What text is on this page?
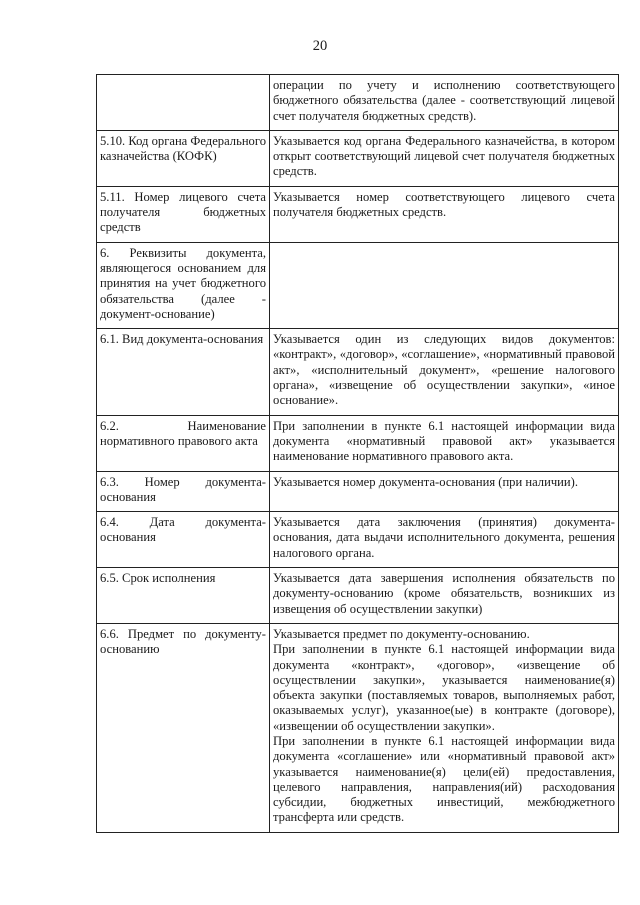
20

	операции по учету и исполнению соответствующего бюджетного обязательства (далее - соответствующий лицевой счет получателя бюджетных средств).

5.10. Код органа Федерального казначейства (КОФК)	Указывается код органа Федерального казначейства, в котором открыт соответствующий лицевой счет получателя бюджетных средств.

5.11. Номер лицевого счета получателя бюджетных средств	Указывается номер соответствующего лицевого счета получателя бюджетных средств.

6. Реквизиты документа, являющегося основанием для принятия на учет бюджетного обязательства (далее - документ-основание)	

6.1. Вид документа-основания	Указывается один из следующих видов документов: «контракт», «договор», «соглашение», «нормативный правовой акт», «исполнительный документ», «решение налогового органа», «извещение об осуществлении закупки», «иное основание».

6.2. Наименование нормативного правового акта	При заполнении в пункте 6.1 настоящей информации вида документа «нормативный правовой акт» указывается наименование нормативного правового акта.

6.3. Номер документа-основания	Указывается номер документа-основания (при наличии).

6.4. Дата документа-основания	Указывается дата заключения (принятия) документа-основания, дата выдачи исполнительного документа, решения налогового органа.

6.5. Срок исполнения	Указывается дата завершения исполнения обязательств по документу-основанию (кроме обязательств, возникших из извещения об осуществлении закупки)

6.6. Предмет по документу-основанию	Указывается предмет по документу-основанию.
При заполнении в пункте 6.1 настоящей информации вида документа «контракт», «договор», «извещение об осуществлении закупки», указывается наименование(я) объекта закупки (поставляемых товаров, выполняемых работ, оказываемых услуг), указанное(ые) в контракте (договоре), «извещении об осуществлении закупки».
При заполнении в пункте 6.1 настоящей информации вида документа «соглашение» или «нормативный правовой акт» указывается наименование(я) цели(ей) предоставления, целевого направления, направления(ий) расходования субсидии, бюджетных инвестиций, межбюджетного трансферта или средств.
